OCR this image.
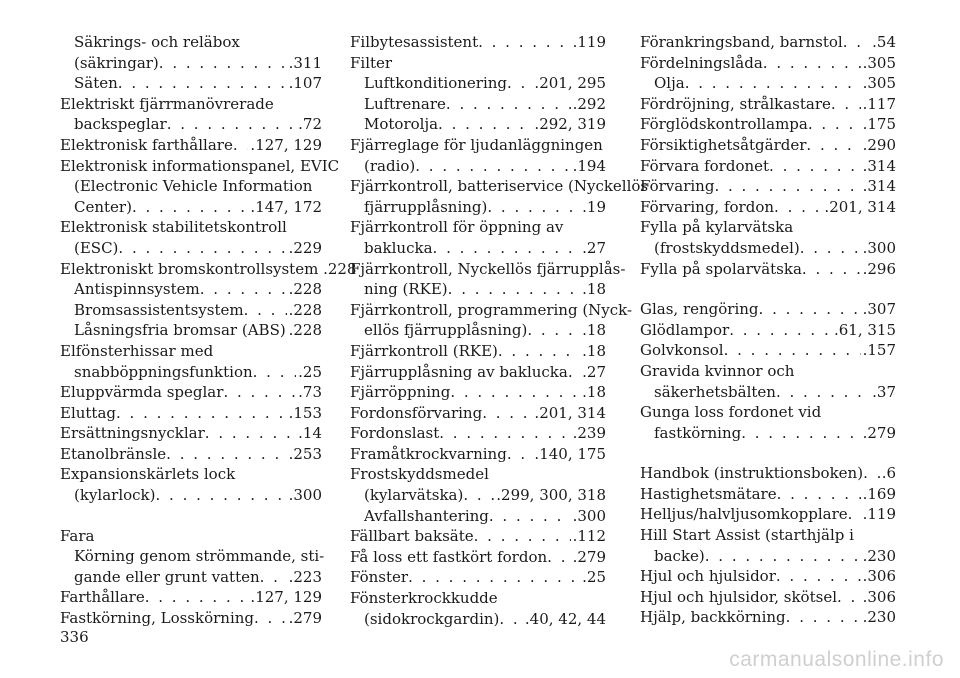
Säkrings- och reläbox
(säkringar) . . .	.311
Säten . . .	.107
Elektriskt fjärrmanövrerade
backspeglar . . .	.72
Elektronisk farthållare . . . .127, 129
Elektronisk informationspanel, EVIC
(Electronic Vehicle Information
Center) . . .	.147, 172
Elektronisk stabilitetskontroll
(ESC) . . .	.229
Elektroniskt bromskontrollsystem .228
Antispinnsystem . . .	.228
Bromsassistentsystem . . .	.228
Låsningsfria bromsar (ABS) . . . .228
Elfönsterhissar med
snabböppningsfunktion . . .	.25
Eluppvärmda speglar . . .	.73
Eluttag . . .	.153
Ersättningsnycklar . . .	.14
Etanolbränsle . . .	.253
Expansionskärlets lock
(kylarlock) . . .	.300
Fara
Körning genom strömmande, sti-
gande eller grunt vatten . . . .223
Farthållare . . .	.127, 129
Fastkörning, Losskörning . . . .279
Filbytesassistent . . .	.119
Filter
Luftkonditionering . . . .201, 295
Luftrenare . . .	.292
Motorolja . . .	.292, 319
Fjärreglage för ljudanläggningen
(radio) . . .	.194
Fjärrkontroll, batteriservice (Nyckellös
fjärrupplåsning) . . .	.19
Fjärrkontroll för öppning av
baklucka . . .	.27
Fjärrkontroll, Nyckellös fjärrupplås-
ning (RKE) . . .	.18
Fjärrkontroll, programmering (Nyck-
ellös fjärrupplåsning) . . .	.18
Fjärrkontroll (RKE) . . .	.18
Fjärrupplåsning av baklucka . . . .27
Fjärröppning . . .	.18
Fordonsförvaring . . .	.201, 314
Fordonslast . . .	.239
Framåtkrockvarning . . . .140, 175
Frostskyddsmedel
(kylarvätska) . . . .299, 300, 318
Avfallshantering . . .	.300
Fällbart baksäte . . .	.112
Få loss ett fastkört fordon . . . .279
Fönster . . .	.25
Fönsterkrockkudde
(sidokrockgardin) . . . .40, 42, 44
Förankringsband, barnstol . . . .54
Fördelningslåda . . .	.305
Olja . . .	.305
Fördröjning, strålkastare . . . .117
Förglödskontrollampa . . .	.175
Försiktighetsåtgärder . . .	.290
Förvara fordonet . . .	.314
Förvaring . . .	.314
Förvaring, fordon . . .	.201, 314
Fylla på kylarvätska
(frostskyddsmedel) . . .	.300
Fylla på spolarvätska . . .	.296
Glas, rengöring . . .	.307
Glödlampor . . .	.61, 315
Golvkonsol . . .	.157
Gravida kvinnor och
säkerhetsbälten . . .	.37
Gunga loss fordonet vid
fastkörning . . .	.279
Handbok (instruktionsboken) . . . .6
Hastighetsmätare . . .	.169
Helljus/halvljusomkopplare . . . .119
Hill Start Assist (starthjälp i
backe) . . .	.230
Hjul och hjulsidor . . .	.306
Hjul och hjulsidor, skötsel . . . .306
Hjälp, backkörning . . .	.230
336
carmanualsonline.info
